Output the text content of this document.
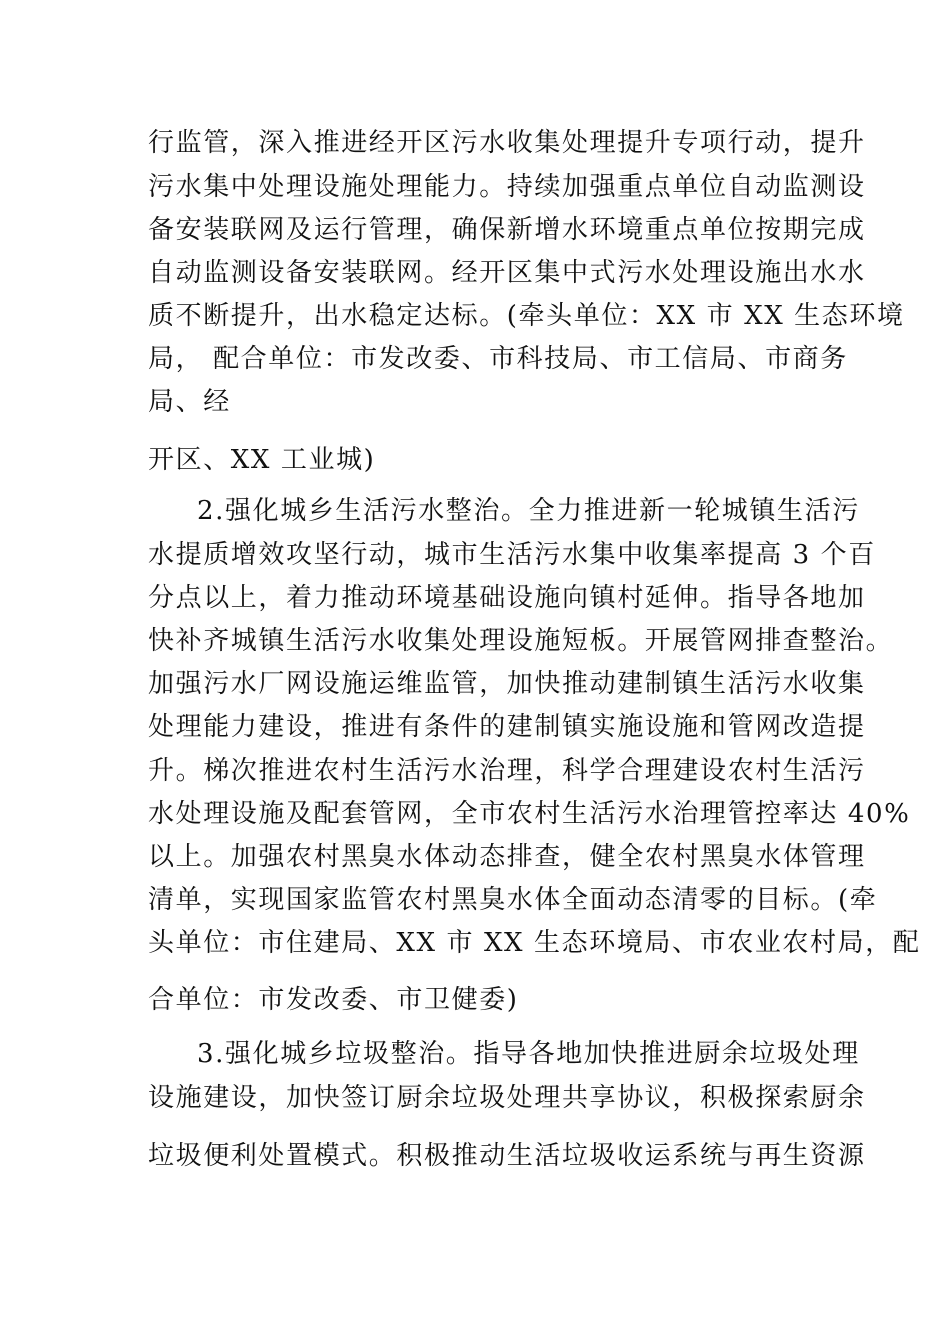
行监管，深入推进经开区污水收集处理提升专项行动，提升
污水集中处理设施处理能力。持续加强重点单位自动监测设
备安装联网及运行管理，确保新增水环境重点单位按期完成
自动监测设备安装联网。经开区集中式污水处理设施出水水
质不断提升，出水稳定达标。(牵头单位：XX 市 XX 生态环境
局， 配合单位：市发改委、市科技局、市工信局、市商务
局、经
开区、XX 工业城)
2.强化城乡生活污水整治。全力推进新一轮城镇生活污
水提质增效攻坚行动，城市生活污水集中收集率提高 3 个百
分点以上，着力推动环境基础设施向镇村延伸。指导各地加
快补齐城镇生活污水收集处理设施短板。开展管网排查整治。
加强污水厂网设施运维监管，加快推动建制镇生活污水收集
处理能力建设，推进有条件的建制镇实施设施和管网改造提
升。梯次推进农村生活污水治理，科学合理建设农村生活污
水处理设施及配套管网，全市农村生活污水治理管控率达 40%
以上。加强农村黑臭水体动态排查，健全农村黑臭水体管理
清单，实现国家监管农村黑臭水体全面动态清零的目标。(牵
头单位：市住建局、XX 市 XX 生态环境局、市农业农村局，配
合单位：市发改委、市卫健委)
3.强化城乡垃圾整治。指导各地加快推进厨余垃圾处理
设施建设，加快签订厨余垃圾处理共享协议，积极探索厨余
垃圾便利处置模式。积极推动生活垃圾收运系统与再生资源
